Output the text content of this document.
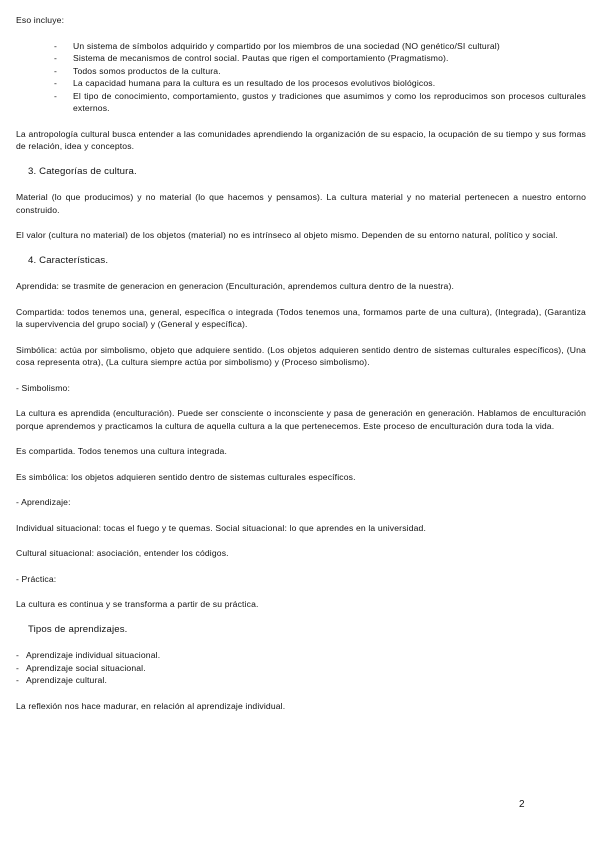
Eso incluye:

- Un sistema de símbolos adquirido y compartido por los miembros de una sociedad (NO genético/SI cultural)
- Sistema de mecanismos de control social. Pautas que rigen el comportamiento (Pragmatismo).
- Todos somos productos de la cultura.
- La capacidad humana para la cultura es un resultado de los procesos evolutivos biológicos.
- El tipo de conocimiento, comportamiento, gustos y tradiciones que asumimos y como los reproducimos son procesos culturales externos.

La antropología cultural busca entender a las comunidades aprendiendo la organización de su espacio, la ocupación de su tiempo y sus formas de relación, idea y conceptos.

3. Categorías de cultura.

Material (lo que producimos) y no material (lo que hacemos y pensamos). La cultura material y no material pertenecen a nuestro entorno construido.

El valor (cultura no material) de los objetos (material) no es intrínseco al objeto mismo. Dependen de su entorno natural, político y social.

4. Características.

Aprendida: se trasmite de generacion en generacion (Enculturación, aprendemos cultura dentro de la nuestra).

Compartida: todos tenemos una, general, específica o integrada (Todos tenemos una, formamos parte de una cultura), (Integrada), (Garantiza la supervivencia del grupo social) y (General y específica).

Simbólica: actúa por simbolismo, objeto que adquiere sentido. (Los objetos adquieren sentido dentro de sistemas culturales específicos), (Una cosa representa otra), (La cultura siempre actúa por simbolismo) y (Proceso simbolismo).

- Simbolismo:

La cultura es aprendida (enculturación). Puede ser consciente o inconsciente y pasa de generación en generación. Hablamos de enculturación porque aprendemos y practicamos la cultura de aquella cultura a la que pertenecemos. Este proceso de enculturación dura toda la vida.

Es compartida. Todos tenemos una cultura integrada.

Es simbólica: los objetos adquieren sentido dentro de sistemas culturales específicos.

- Aprendizaje:

Individual situacional: tocas el fuego y te quemas. Social situacional: lo que aprendes en la universidad.

Cultural situacional: asociación, entender los códigos.

- Práctica:

La cultura es continua y se transforma a partir de su práctica.

Tipos de aprendizajes.
- Aprendizaje individual situacional.
- Aprendizaje social situacional.
- Aprendizaje cultural.

La reflexión nos hace madurar, en relación al aprendizaje individual.

2
